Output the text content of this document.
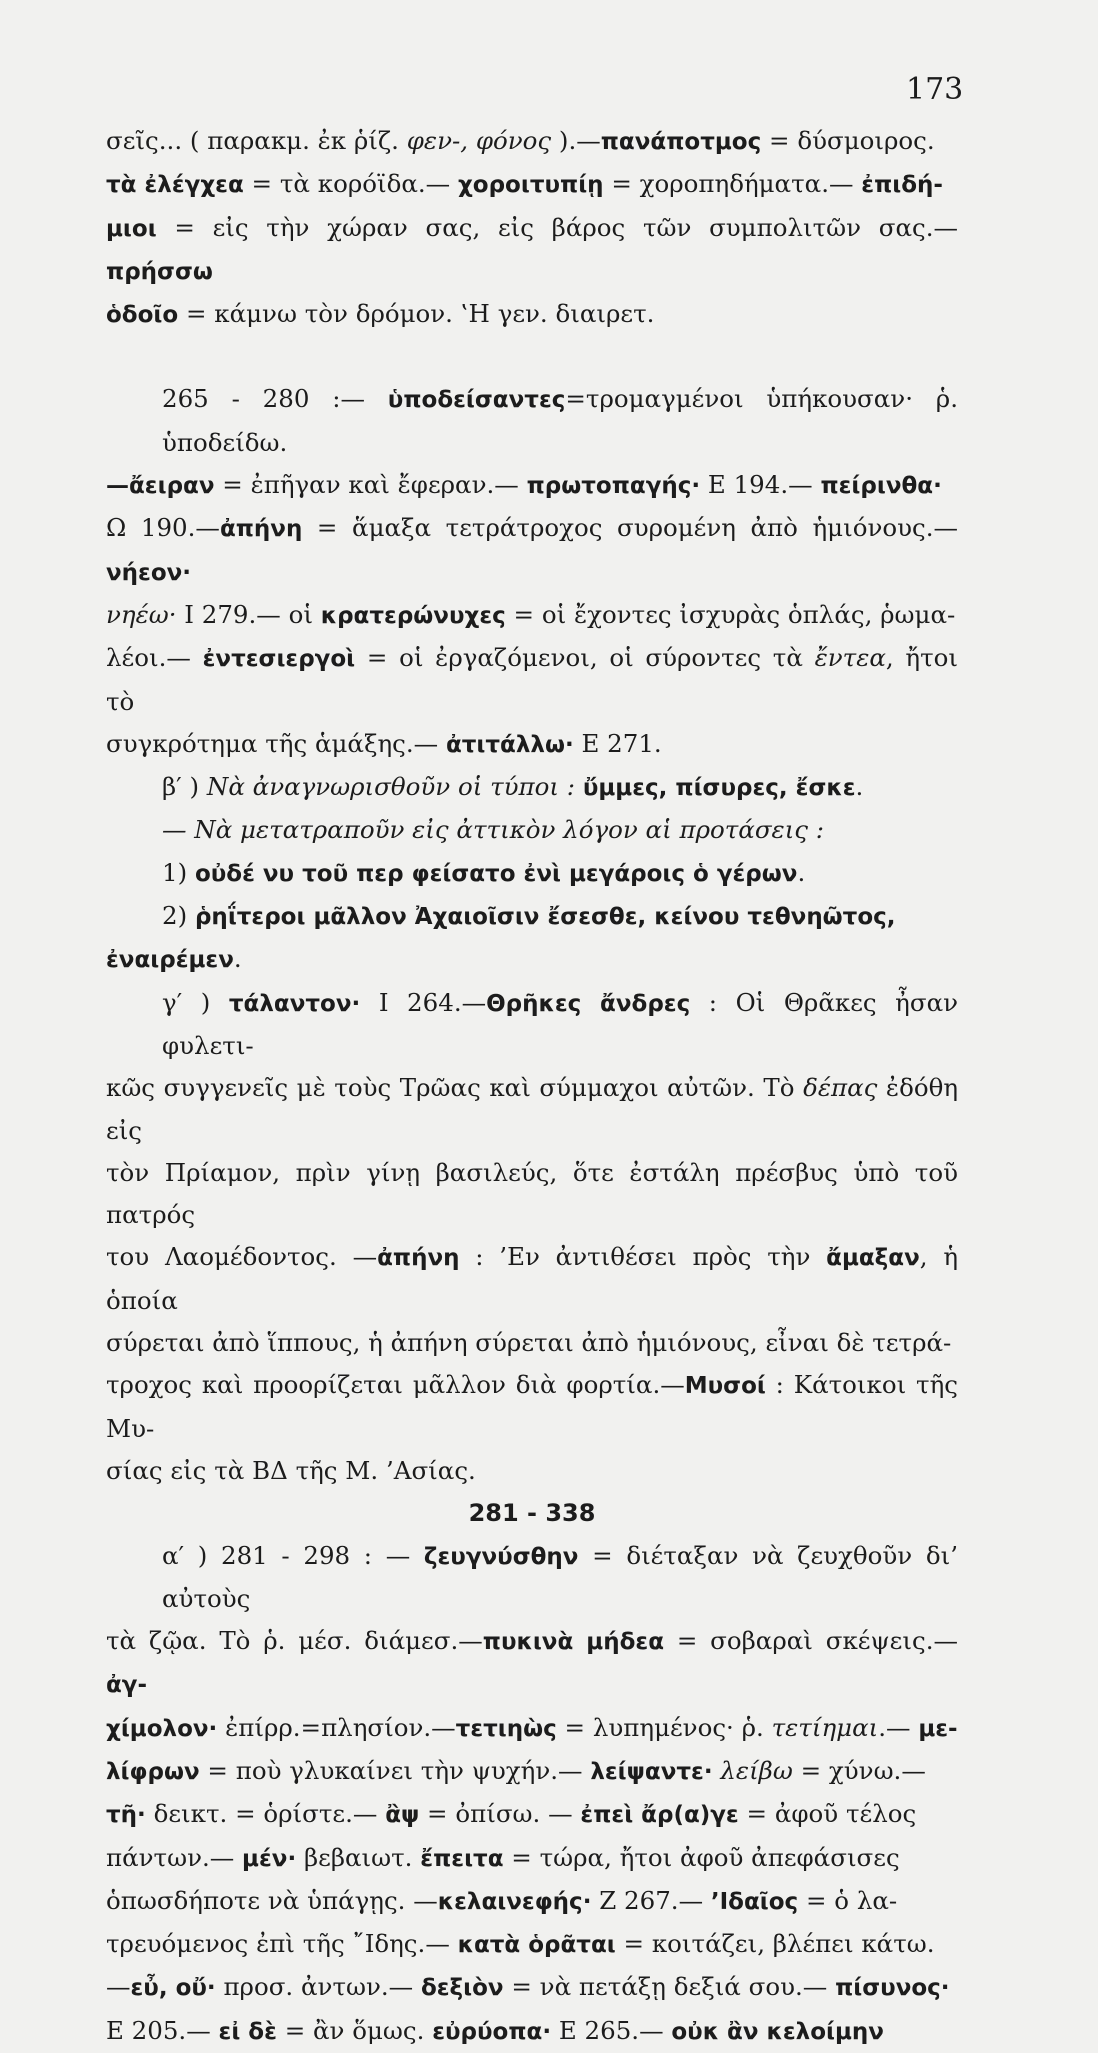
173

σεῖς... ( παρακμ. ἐκ ῥίζ. φεν-, φόνος ).—πανάποτμος = δύσμοιρος.

τὰ ἐλέγχεα = τὰ κορόϊδα.— χοροιτυπίῃ = χοροπηδήματα.— ἐπιδή-

μιοι = εἰς τὴν χώραν σας, εἰς βάρος τῶν συμπολιτῶν σας.— πρήσσω

ὁδοῖο = κάμνω τὸν δρόμον. ‛Η γεν. διαιρετ.

265 - 280 :— ὑποδείσαντες=τρομαγμένοι ὑπήκουσαν· ῥ. ὑποδείδω.

—ἄειραν = ἐπῆγαν καὶ ἔφεραν.— πρωτοπαγής· Ε 194.— πείρινθα·

Ω 190.—ἀπήνη = ἅμαξα τετράτροχος συρομένη ἀπὸ ἡμιόνους.—νήεον·

νηέω· Ι 279.— οἱ κρατερώνυχες = οἱ ἔχοντες ἰσχυρὰς ὁπλάς, ῥωμα-

λέοι.— ἐντεσιεργοὶ = οἱ ἐργαζόμενοι, οἱ σύροντες τὰ ἔντεα, ἤτοι τὸ

συγκρότημα τῆς ἁμάξης.— ἀτιτάλλω· Ε 271.

β′ ) Νὰ ἀναγνωρισθοῦν οἱ τύποι : ὔμμες, πίσυρες, ἔσκε.

— Νὰ μετατραποῦν εἰς ἀττικὸν λόγον αἱ προτάσεις :

1) οὐδέ νυ τοῦ περ φείσατο ἐνὶ μεγάροις ὁ γέρων.

2) ῥηΐτεροι μᾶλλον Ἀχαιοῖσιν ἔσεσθε, κείνου τεθνηῶτος,

ἐναιρέμεν.

γ′ ) τάλαντον· Ι 264.—Θρῆκες ἄνδρες : Οἱ Θρᾶκες ἦσαν φυλετι-

κῶς συγγενεῖς μὲ τοὺς Τρῶας καὶ σύμμαχοι αὐτῶν. Τὸ δέπας ἐδόθη εἰς

τὸν Πρίαμον, πρὶν γίνῃ βασιλεύς, ὅτε ἐστάλη πρέσβυς ὑπὸ τοῦ πατρός

του Λαομέδοντος. —ἀπήνη : ’Εν ἀντιθέσει πρὸς τὴν ἄμαξαν, ἡ ὁποία

σύρεται ἀπὸ ἵππους, ἡ ἀπήνη σύρεται ἀπὸ ἡμιόνους, εἶναι δὲ τετρά-

τροχος καὶ προορίζεται μᾶλλον διὰ φορτία.—Μυσοί : Κάτοικοι τῆς Μυ-

σίας εἰς τὰ ΒΔ τῆς Μ. ’Ασίας.

281 - 338

α′ ) 281 - 298 : — ζευγνύσθην = διέταξαν νὰ ζευχθοῦν δι’ αὐτοὺς

τὰ ζῷα. Τὸ ῥ. μέσ. διάμεσ.—πυκινὰ μήδεα = σοβαραὶ σκέψεις.— ἀγ-

χίμολον· ἐπίρρ.=πλησίον.—τετιηὼς = λυπημένος· ῥ. τετίημαι.— με-

λίφρων = ποὺ γλυκαίνει τὴν ψυχήν.— λείψαντε· λείβω = χύνω.—

τῆ· δεικτ. = ὁρίστε.— ἂψ = ὀπίσω. — ἐπεὶ ἄρ(α)γε = ἀφοῦ τέλος

πάντων.— μέν· βεβαιωτ. ἔπειτα = τώρα, ἤτοι ἀφοῦ ἀπεφάσισες

ὁπωσδήποτε νὰ ὑπάγῃς. —κελαινεφής· Ζ 267.— ’Ιδαῖος = ὁ λα-

τρευόμενος ἐπὶ τῆς ῎Ιδης.— κατὰ ὁρᾶται = κοιτάζει, βλέπει κάτω.

—εὖ, οὔ· προσ. ἀντων.— δεξιὸν = νὰ πετάξῃ δεξιά σου.— πίσυνος·

Ε 205.— εἰ δὲ = ἂν ὅμως. εὐρύοπα· Ε 265.— οὐκ ἂν κελοίμην
